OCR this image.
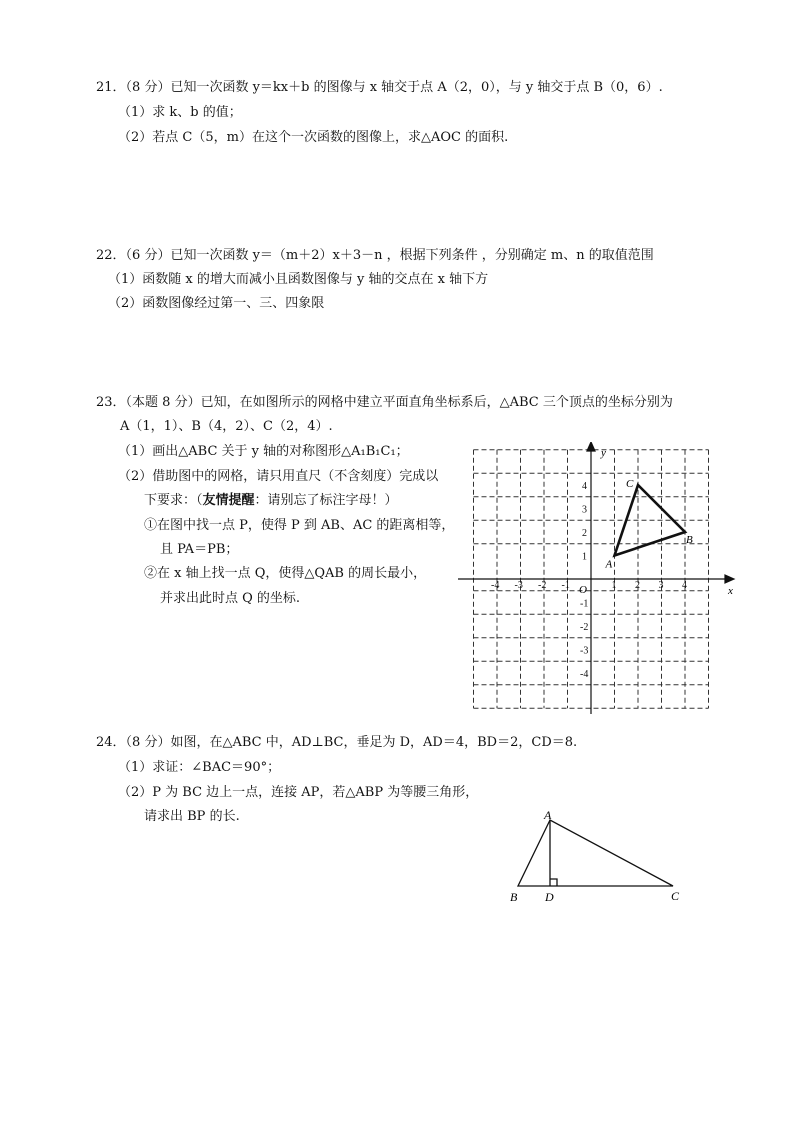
21．（8 分）已知一次函数 y＝kx＋b 的图像与 x 轴交于点 A（2，0），与 y 轴交于点 B（0，6）.
（1）求 k、b 的值；
（2）若点 C（5，m）在这个一次函数的图像上，求△AOC 的面积.
22．（6 分）已知一次函数 y＝（m＋2）x＋3－n ，根据下列条件 ，分别确定 m、n 的取值范围
（1）函数随 x 的增大而减小且函数图像与 y 轴的交点在 x 轴下方
（2）函数图像经过第一、三、四象限
23．（本题 8 分）已知，在如图所示的网格中建立平面直角坐标系后，△ABC 三个顶点的坐标分别为
A（1，1）、B（4，2）、C（2，4）.
（1）画出△ABC 关于 y 轴的对称图形△A₁B₁C₁；
（2）借助图中的网格，请只用直尺（不含刻度）完成以
下要求：（友情提醒：请别忘了标注字母！）
①在图中找一点 P，使得 P 到 AB、AC 的距离相等，
且 PA＝PB；
②在 x 轴上找一点 Q，使得△QAB 的周长最小，
并求出此时点 Q 的坐标.	x
y
O
-4 -3 -2 -1	1 2 3 4
4
3
2
1
-1
-2
-3
-4
A
B
C
24．（8 分）如图，在△ABC 中，AD⊥BC，垂足为 D，AD＝4，BD＝2，CD＝8.
（1）求证：∠BAC＝90°；
（2）P 为 BC 边上一点，连接 AP，若△ABP 为等腰三角形，
请求出 BP 的长.	A
B D	C
